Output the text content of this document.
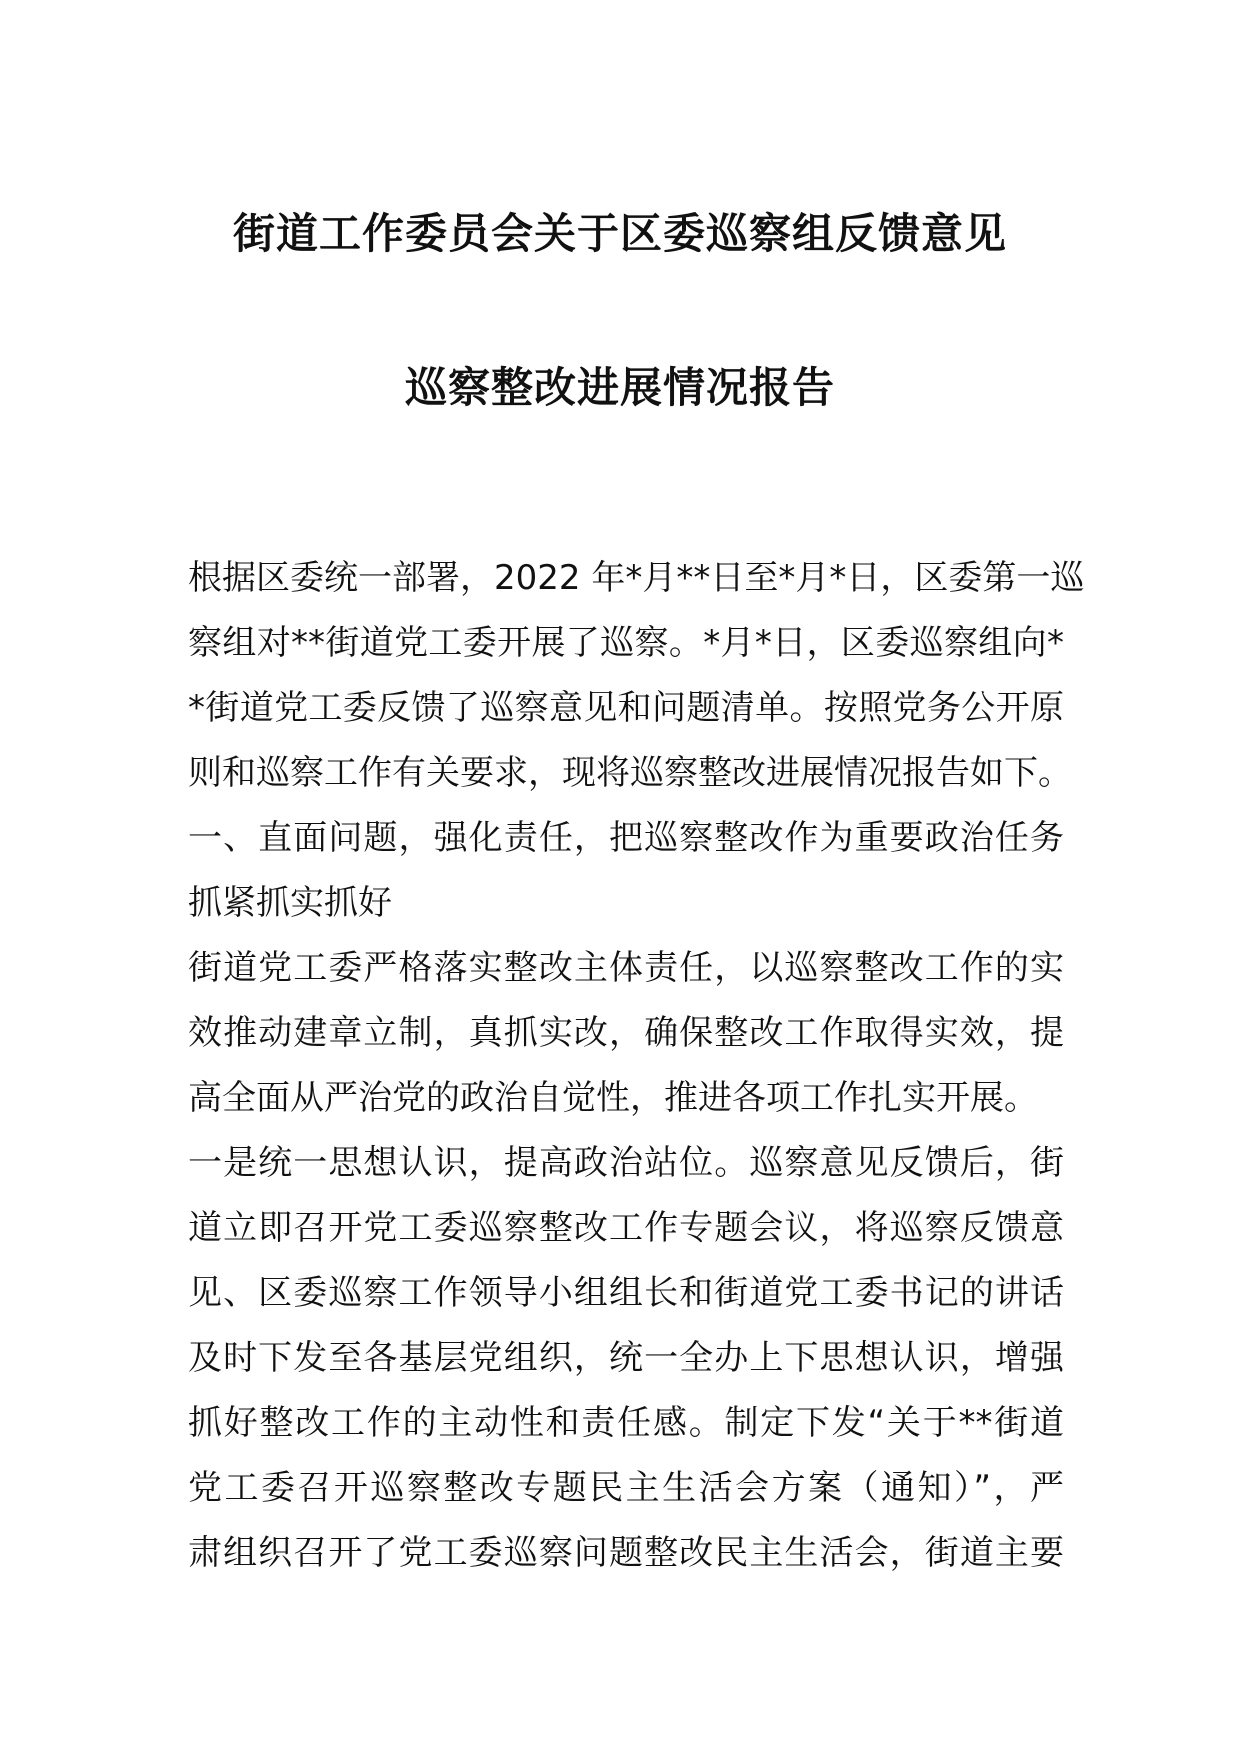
街道工作委员会关于区委巡察组反馈意见
巡察整改进展情况报告
根据区委统一部署，2022 年*月**日至*月*日，区委第一巡
察组对**街道党工委开展了巡察。*月*日，区委巡察组向*
*街道党工委反馈了巡察意见和问题清单。按照党务公开原
则和巡察工作有关要求，现将巡察整改进展情况报告如下。
一、直面问题，强化责任，把巡察整改作为重要政治任务
抓紧抓实抓好
街道党工委严格落实整改主体责任，以巡察整改工作的实
效推动建章立制，真抓实改，确保整改工作取得实效，提
高全面从严治党的政治自觉性，推进各项工作扎实开展。
一是统一思想认识，提高政治站位。巡察意见反馈后，街
道立即召开党工委巡察整改工作专题会议，将巡察反馈意
见、区委巡察工作领导小组组长和街道党工委书记的讲话
及时下发至各基层党组织，统一全办上下思想认识，增强
抓好整改工作的主动性和责任感。制定下发“关于**街道
党工委召开巡察整改专题民主生活会方案（通知）”，严
肃组织召开了党工委巡察问题整改民主生活会，街道主要
